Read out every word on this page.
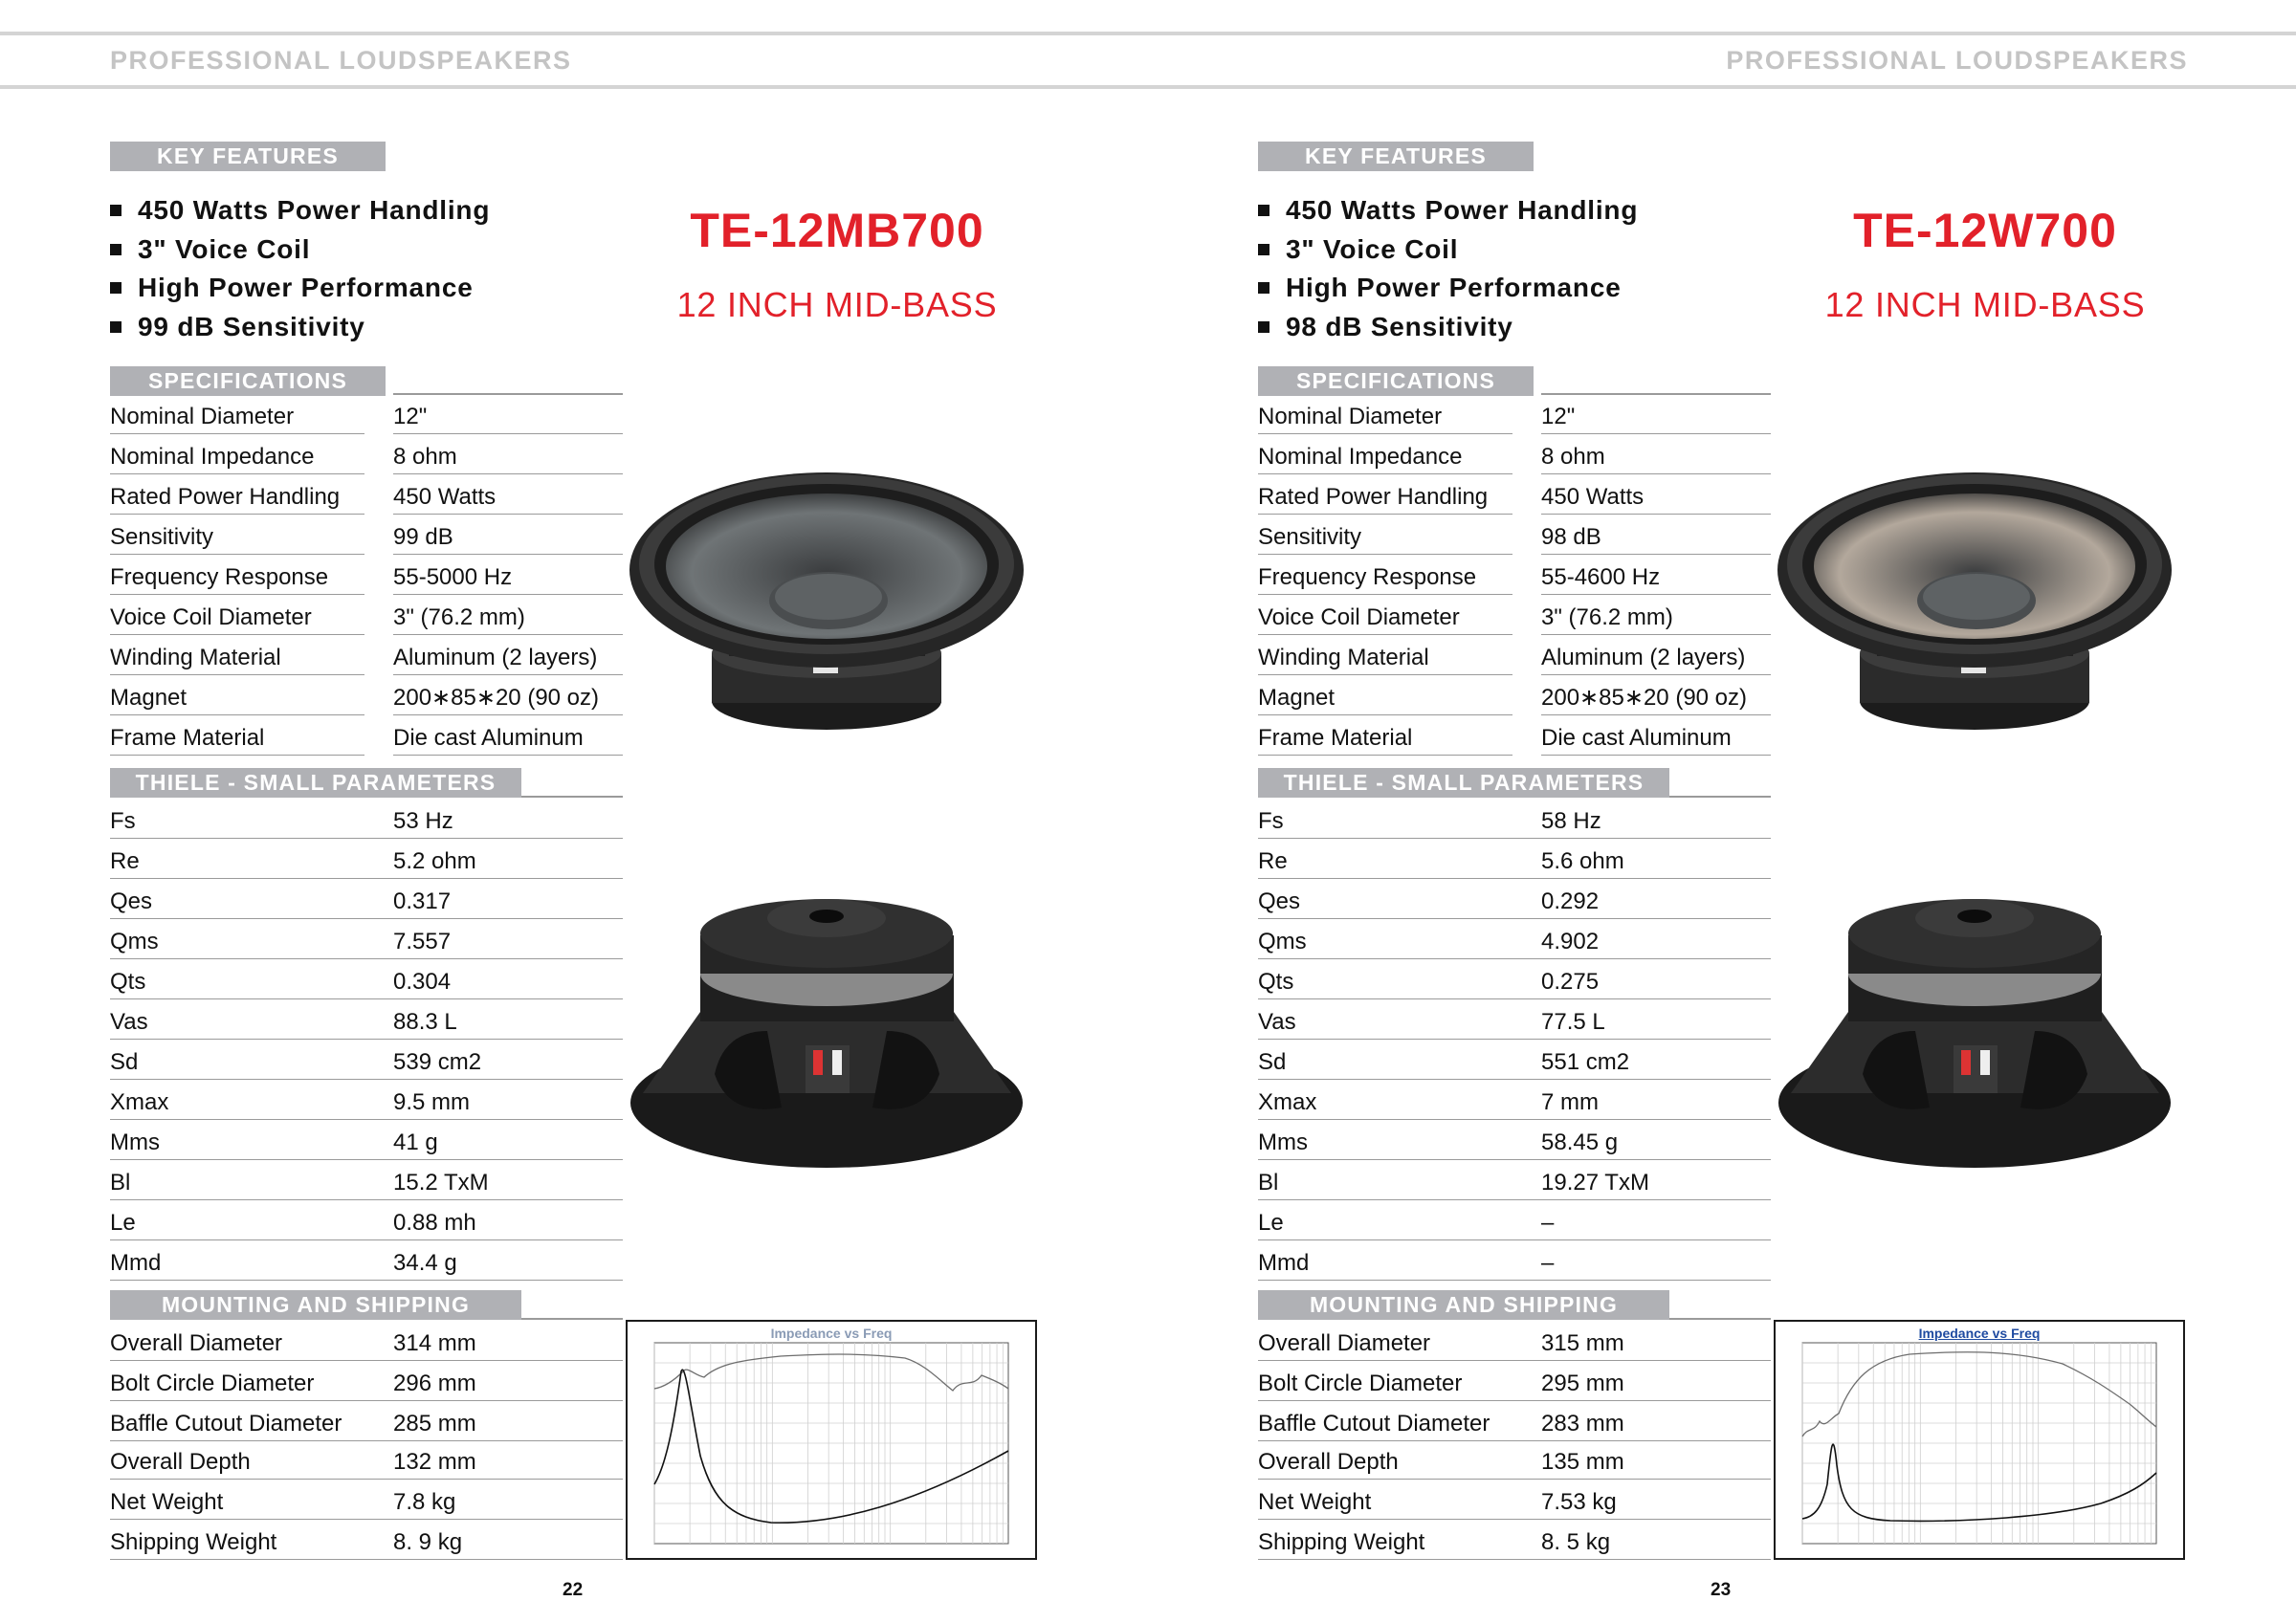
PROFESSIONAL LOUDSPEAKERS	PROFESSIONAL LOUDSPEAKERS
KEY FEATURES
450 Watts Power Handling
3" Voice Coil
High Power Performance
99 dB Sensitivity
TE-12MB700
12 INCH MID-BASS
SPECIFICATIONS
Nominal Diameter	12"
Nominal Impedance	8 ohm
Rated Power Handling 450 Watts
Sensitivity	99 dB
Frequency Response	55-5000 Hz
Voice Coil Diameter	3" (76.2 mm)
Winding Material	Aluminum (2 layers)
Magnet	200∗85∗20 (90 oz)
Frame Material	Die cast Aluminum
THIELE - SMALL PARAMETERS
Fs	53 Hz
Re	5.2 ohm
Qes	0.317
Qms	7.557
Qts	0.304
Vas	88.3 L
Sd	539 cm2
Xmax	9.5 mm
Mms	41 g
Bl	15.2 TxM
Le	0.88 mh
Mmd	34.4 g
MOUNTING AND SHIPPING
Overall Diameter	314 mm
Bolt Circle Diameter	296 mm
Baffle Cutout Diameter 285 mm
Overall Depth	132 mm
Net Weight	7.8 kg
Shipping Weight	8. 9 kg
Impedance vs Freq
22
KEY FEATURES
450 Watts Power Handling
3" Voice Coil
High Power Performance
98 dB Sensitivity
TE-12W700
12 INCH MID-BASS
SPECIFICATIONS
Nominal Diameter	12"
Nominal Impedance	8 ohm
Rated Power Handling 450 Watts
Sensitivity	98 dB
Frequency Response	55-4600 Hz
Voice Coil Diameter	3" (76.2 mm)
Winding Material	Aluminum (2 layers)
Magnet	200∗85∗20 (90 oz)
Frame Material	Die cast Aluminum
THIELE - SMALL PARAMETERS
Fs	58 Hz
Re	5.6 ohm
Qes	0.292
Qms	4.902
Qts	0.275
Vas	77.5 L
Sd	551 cm2
Xmax	7 mm
Mms	58.45 g
Bl	19.27 TxM
Le	–
Mmd	–
MOUNTING AND SHIPPING
Overall Diameter	315 mm
Bolt Circle Diameter	295 mm
Baffle Cutout Diameter 283 mm
Overall Depth	135 mm
Net Weight	7.53 kg
Shipping Weight	8. 5 kg
Impedance vs Freq
23
